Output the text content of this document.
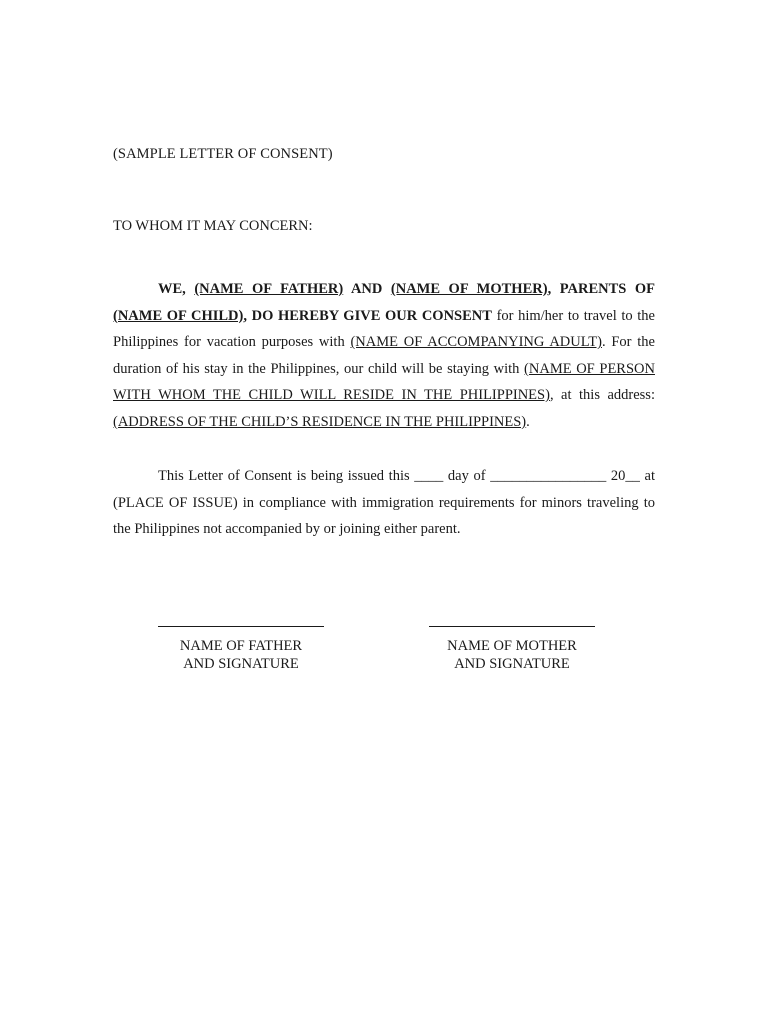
(SAMPLE LETTER OF CONSENT)
TO WHOM IT MAY CONCERN:

WE, (NAME OF FATHER) AND (NAME OF MOTHER), PARENTS OF (NAME OF CHILD), DO HEREBY GIVE OUR CONSENT for him/her to travel to the Philippines for vacation purposes with (NAME OF ACCOMPANYING ADULT). For the duration of his stay in the Philippines, our child will be staying with (NAME OF PERSON WITH WHOM THE CHILD WILL RESIDE IN THE PHILIPPINES), at this address: (ADDRESS OF THE CHILD’S RESIDENCE IN THE PHILIPPINES).

This Letter of Consent is being issued this ____ day of ________________ 20__ at (PLACE OF ISSUE) in compliance with immigration requirements for minors traveling to the Philippines not accompanied by or joining either parent.

NAME OF FATHER
AND SIGNATURE
NAME OF MOTHER
AND SIGNATURE
